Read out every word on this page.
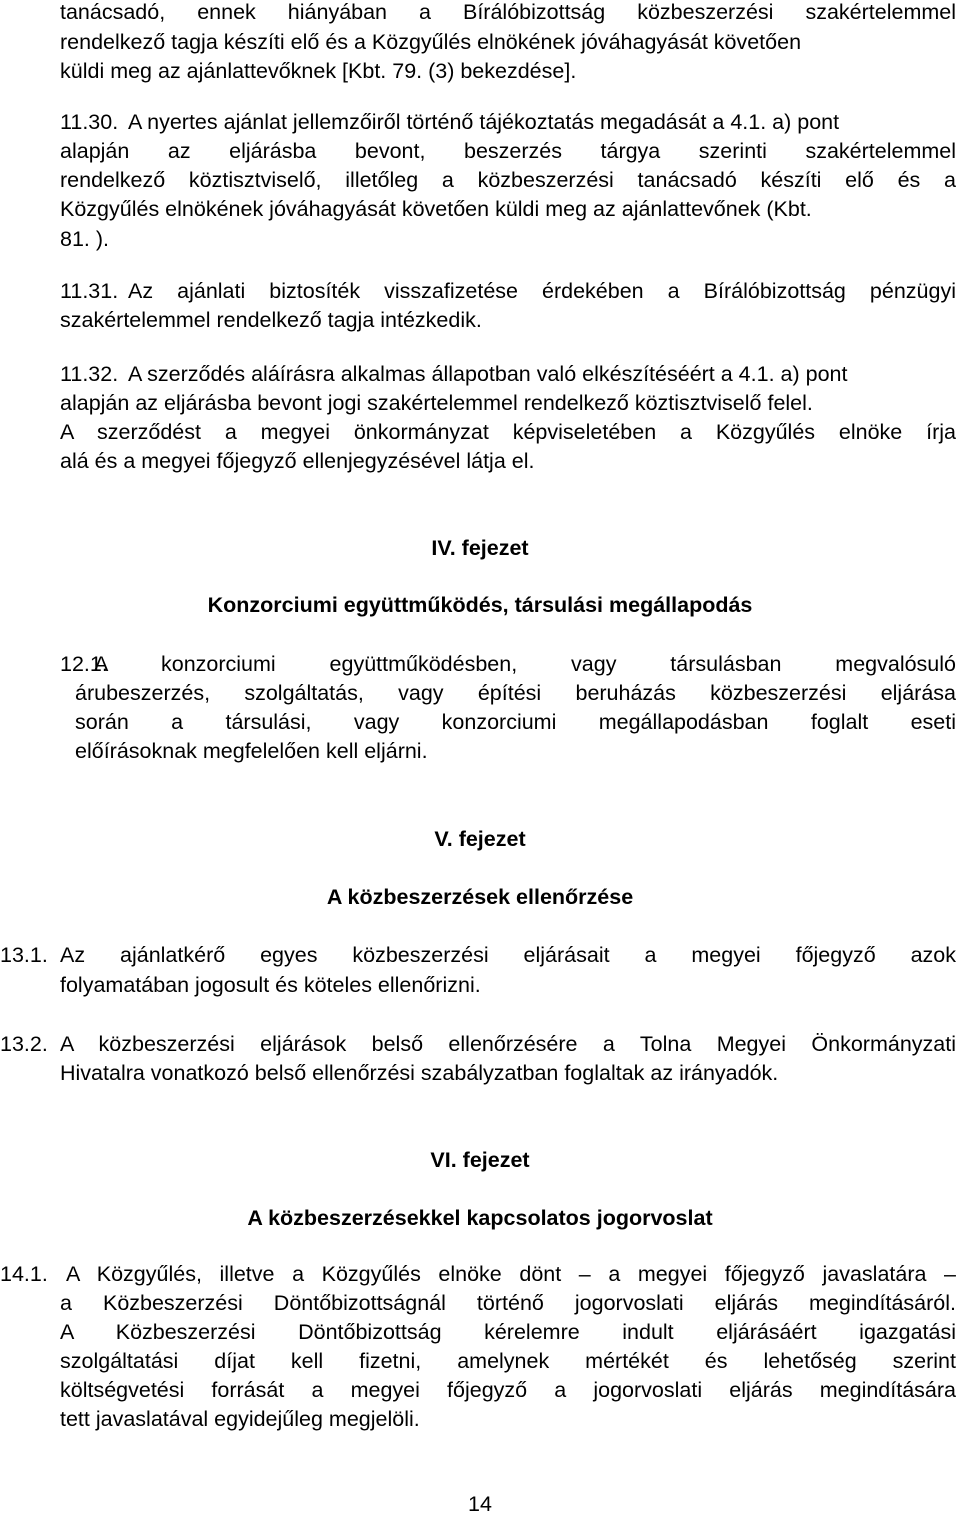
tanácsadó, ennek hiányában a Bírálóbizottság közbeszerzési szakértelemmel
rendelkező tagja készíti elő és a Közgyűlés elnökének jóváhagyását követően
küldi meg az ajánlattevőknek [Kbt. 79. (3) bekezdése].
11.30. A nyertes ajánlat jellemzőiről történő tájékoztatás megadását a 4.1. a) pont
alapján az eljárásba bevont, beszerzés tárgya szerinti szakértelemmel
rendelkező köztisztviselő, illetőleg a közbeszerzési tanácsadó készíti elő és a
Közgyűlés elnökének jóváhagyását követően küldi meg az ajánlattevőnek (Kbt.
81. ).
11.31. Az ajánlati biztosíték visszafizetése érdekében a Bírálóbizottság pénzügyi
szakértelemmel rendelkező tagja intézkedik.
11.32. A szerződés aláírásra alkalmas állapotban való elkészítéséért a 4.1. a) pont
alapján az eljárásba bevont jogi szakértelemmel rendelkező köztisztviselő felel.
A szerződést a megyei önkormányzat képviseletében a Közgyűlés elnöke írja
alá és a megyei főjegyző ellenjegyzésével látja el.
IV. fejezet
Konzorciumi együttműködés, társulási megállapodás
12.1.
A konzorciumi együttműködésben, vagy társulásban megvalósuló
árubeszerzés, szolgáltatás, vagy építési beruházás közbeszerzési eljárása
során a társulási, vagy konzorciumi megállapodásban foglalt eseti
előírásoknak megfelelően kell eljárni.
V. fejezet
A közbeszerzések ellenőrzése
13.1. Az ajánlatkérő egyes közbeszerzési eljárásait a megyei főjegyző azok
folyamatában jogosult és köteles ellenőrizni.
13.2. A közbeszerzési eljárások belső ellenőrzésére a Tolna Megyei Önkormányzati
Hivatalra vonatkozó belső ellenőrzési szabályzatban foglaltak az irányadók.
VI. fejezet
A közbeszerzésekkel kapcsolatos jogorvoslat
14.1. A Közgyűlés, illetve a Közgyűlés elnöke dönt – a megyei főjegyző javaslatára –
a Közbeszerzési Döntőbizottságnál történő jogorvoslati eljárás megindításáról.
A Közbeszerzési Döntőbizottság kérelemre indult eljárásáért igazgatási
szolgáltatási díjat kell fizetni, amelynek mértékét és lehetőség szerint
költségvetési forrását a megyei főjegyző a jogorvoslati eljárás megindítására
tett javaslatával egyidejűleg megjelöli.
14
